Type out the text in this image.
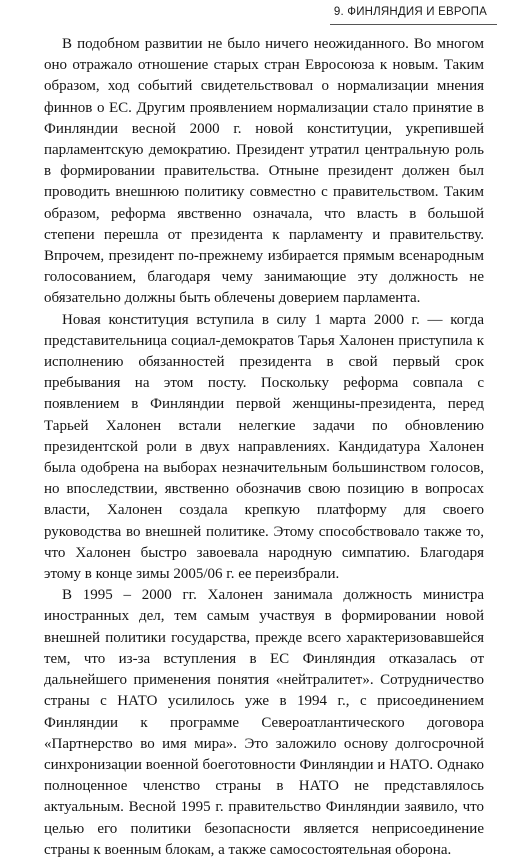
9. ФИНЛЯНДИЯ И ЕВРОПА

В подобном развитии не было ничего неожиданного. Во многом оно отражало отношение старых стран Евросоюза к новым. Таким образом, ход событий свидетельствовал о нормализации мнения финнов о ЕС. Другим проявлением нормализации стало принятие в Финляндии весной 2000 г. новой конституции, укрепившей парламентскую демократию. Президент утратил центральную роль в формировании правительства. Отныне президент должен был проводить внешнюю политику совместно с правительством. Таким образом, реформа явственно означала, что власть в большой степени перешла от президента к парламенту и правительству. Впрочем, президент по-прежнему избирается прямым всенародным голосованием, благодаря чему занимающие эту должность не обязательно должны быть облечены доверием парламента.

Новая конституция вступила в силу 1 марта 2000 г. — когда представительница социал-демократов Тарья Халонен приступила к исполнению обязанностей президента в свой первый срок пребывания на этом посту. Поскольку реформа совпала с появлением в Финляндии первой женщины-президента, перед Тарьей Халонен встали нелегкие задачи по обновлению президентской роли в двух направлениях. Кандидатура Халонен была одобрена на выборах незначительным большинством голосов, но впоследствии, явственно обозначив свою позицию в вопросах власти, Халонен создала крепкую платформу для своего руководства во внешней политике. Этому способствовало также то, что Халонен быстро завоевала народную симпатию. Благодаря этому в конце зимы 2005/06 г. ее переизбрали.

В 1995 – 2000 гг. Халонен занимала должность министра иностранных дел, тем самым участвуя в формировании новой внешней политики государства, прежде всего характеризовавшейся тем, что из-за вступления в ЕС Финляндия отказалась от дальнейшего применения понятия «нейтралитет». Сотрудничество страны с НАТО усилилось уже в 1994 г., с присоединением Финляндии к программе Североатлантического договора «Партнерство во имя мира». Это заложило основу долгосрочной синхронизации военной боеготовности Финляндии и НАТО. Однако полноценное членство страны в НАТО не представлялось актуальным. Весной 1995 г. правительство Финляндии заявило, что целью его политики безопасности является неприсоединение страны к военным блокам, а также самосостоятельная оборона.
